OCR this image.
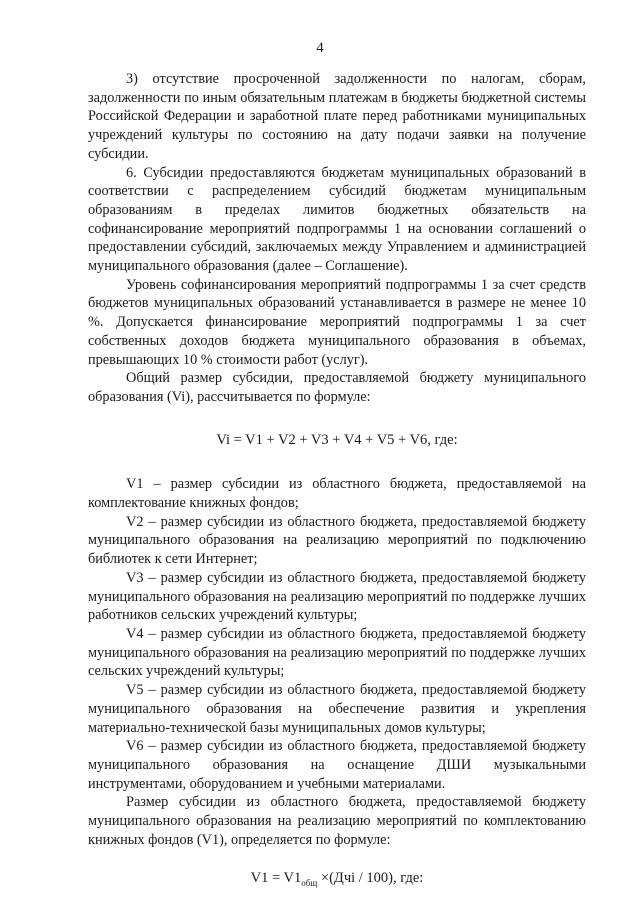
4

3) отсутствие просроченной задолженности по налогам, сборам, задолженности по иным обязательным платежам в бюджеты бюджетной системы Российской Федерации и заработной плате перед работниками муниципальных учреждений культуры по состоянию на дату подачи заявки на получение субсидии.

6. Субсидии предоставляются бюджетам муниципальных образований в соответствии с распределением субсидий бюджетам муниципальным образованиям в пределах лимитов бюджетных обязательств на софинансирование мероприятий подпрограммы 1 на основании соглашений о предоставлении субсидий, заключаемых между Управлением и администрацией муниципального образования (далее – Соглашение).

Уровень софинансирования мероприятий подпрограммы 1 за счет средств бюджетов муниципальных образований устанавливается в размере не менее 10 %. Допускается финансирование мероприятий подпрограммы 1 за счет собственных доходов бюджета муниципального образования в объемах, превышающих 10 % стоимости работ (услуг).

Общий размер субсидии, предоставляемой бюджету муниципального образования (Vi), рассчитывается по формуле:

Vi = V1 + V2 + V3 + V4 + V5 + V6, где:

V1 – размер субсидии из областного бюджета, предоставляемой на комплектование книжных фондов;

V2 – размер субсидии из областного бюджета, предоставляемой бюджету муниципального образования на реализацию мероприятий по подключению библиотек к сети Интернет;

V3 – размер субсидии из областного бюджета, предоставляемой бюджету муниципального образования на реализацию мероприятий по поддержке лучших работников сельских учреждений культуры;

V4 – размер субсидии из областного бюджета, предоставляемой бюджету муниципального образования на реализацию мероприятий по поддержке лучших сельских учреждений культуры;

V5 – размер субсидии из областного бюджета, предоставляемой бюджету муниципального образования на обеспечение развития и укрепления материально-технической базы муниципальных домов культуры;

V6 – размер субсидии из областного бюджета, предоставляемой бюджету муниципального образования на оснащение ДШИ музыкальными инструментами, оборудованием и учебными материалами.

Размер субсидии из областного бюджета, предоставляемой бюджету муниципального образования на реализацию мероприятий по комплектованию книжных фондов (V1), определяется по формуле:

$V1 = V1_{общ} \times(Дчi / 100)$, где:
